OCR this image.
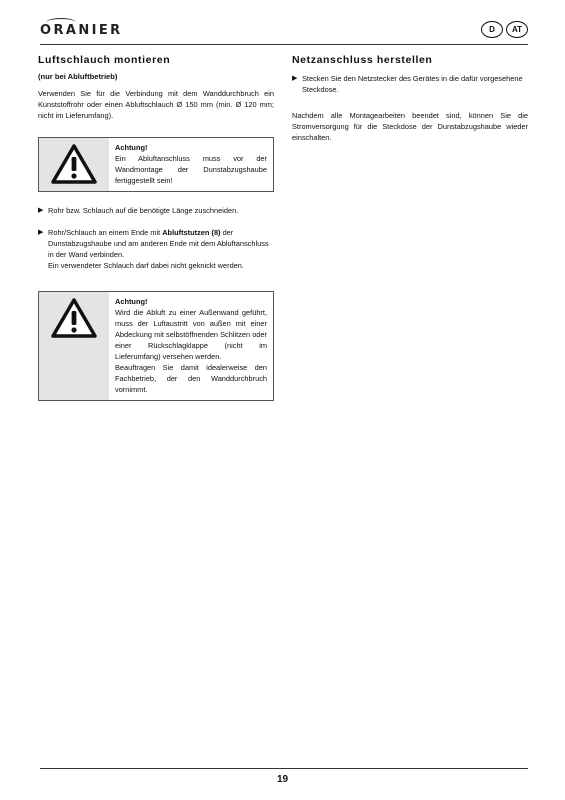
ORANIER	D	AT
Luftschlauch montieren
(nur bei Abluftbetrieb)

Verwenden Sie für die Verbindung mit dem Wanddurchbruch ein Kunststoffrohr oder einen Abluftschlauch Ø 150 mm (min. Ø 120 mm; nicht im Lieferumfang).

Achtung!
Ein Abluftanschluss muss vor der Wandmontage der Dunstabzugshaube fertiggestellt sein!
▶ Rohr bzw. Schlauch auf die benötigte Länge zuschneiden.
▶ Rohr/Schlauch an einem Ende mit Abluftstutzen (8) der Dunstabzugshaube und am anderen Ende mit dem Abluftanschluss in der Wand verbinden.
Ein verwendeter Schlauch darf dabei nicht geknickt werden.
Achtung!
Wird die Abluft zu einer Außenwand geführt, muss der Luftaustritt von außen mit einer Abdeckung mit selbstöffnenden Schlitzen oder einer Rückschlagklappe (nicht im Lieferumfang) versehen werden.
Beauftragen Sie damit idealerweise den Fachbetrieb, der den Wanddurchbruch vornimmt.
Netzanschluss herstellen
▶ Stecken Sie den Netzstecker des Gerätes in die dafür vorgesehene Steckdose.

Nachdem alle Montagearbeiten beendet sind, können Sie die Stromversorgung für die Steckdose der Dunstabzugshaube wieder einschalten.

19
